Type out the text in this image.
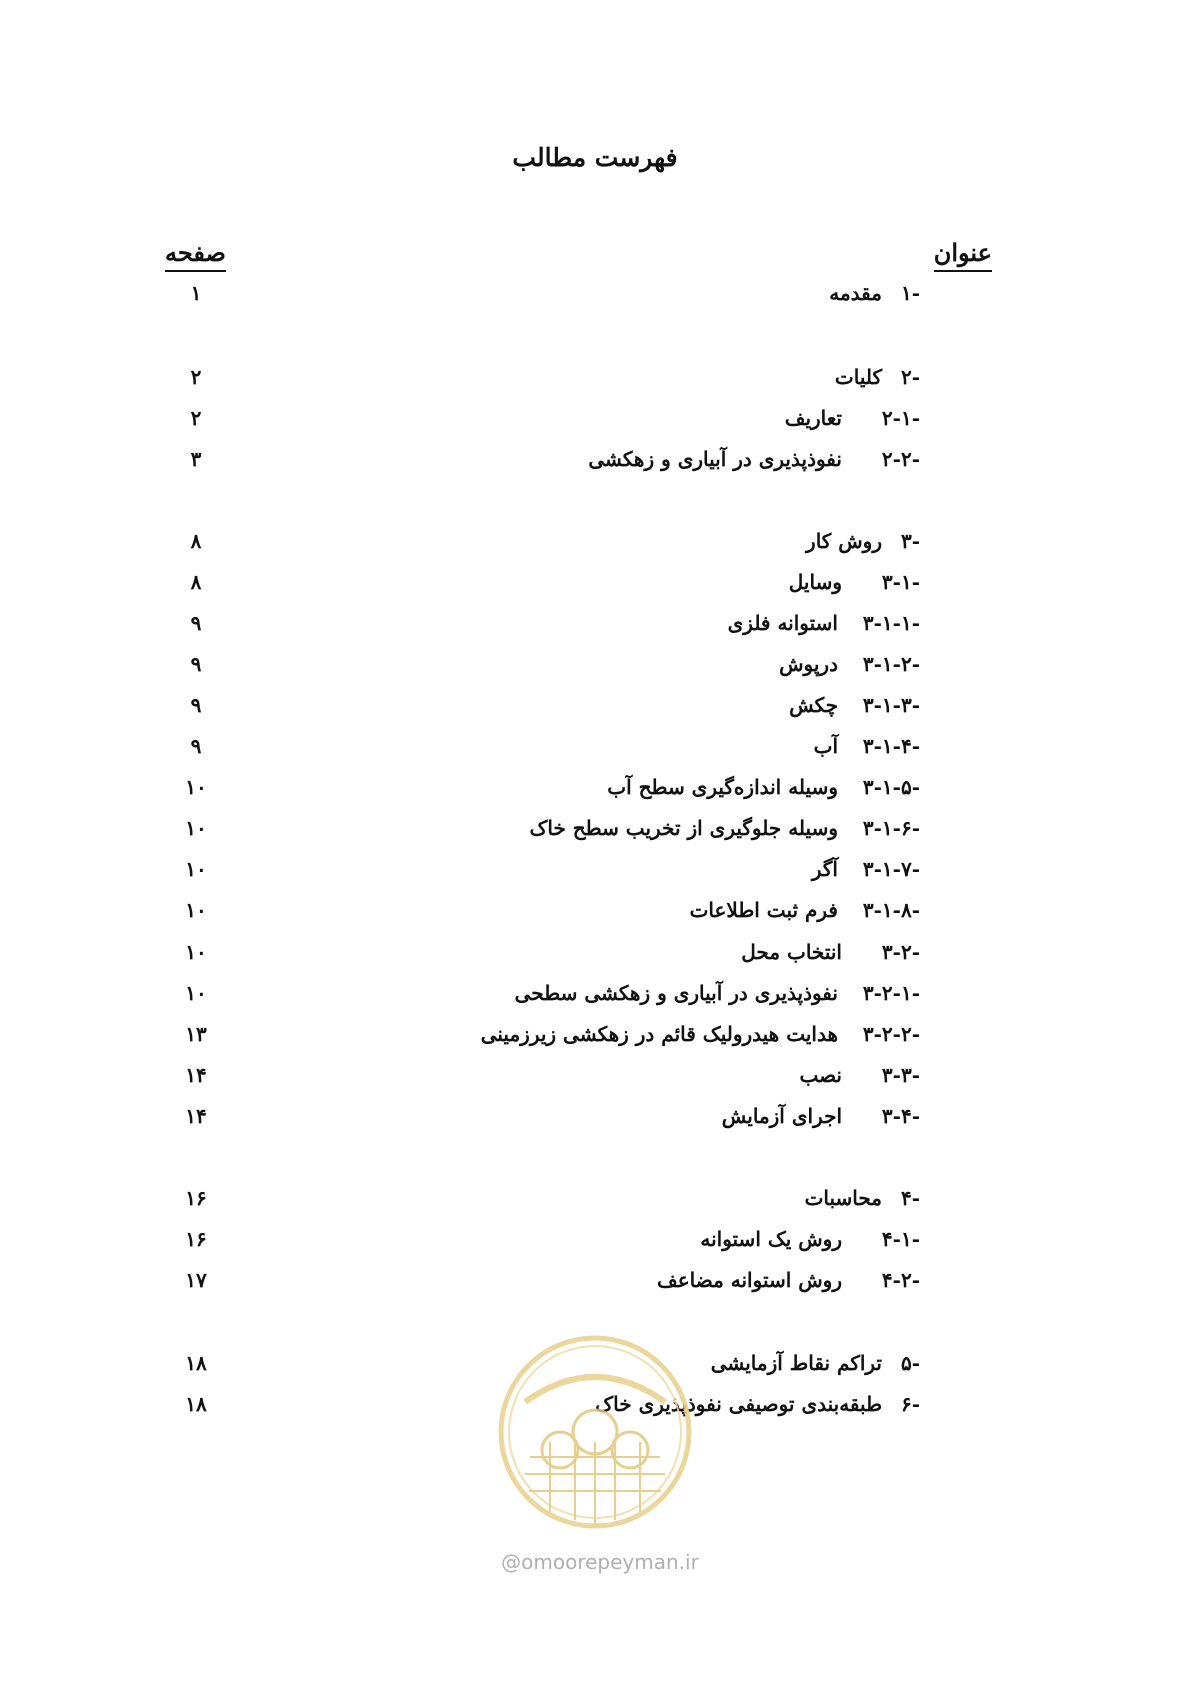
فهرست مطالب
عنوان
صفحه
۱-
مقدمه
۱
۲-
کلیات
۲
۲-۱-
تعاریف
۲
۲-۲-
نفوذپذیری در آبیاری و زهکشی
۳
۳-
روش کار
۸
۳-۱-
وسایل
۸
۳-۱-۱-
استوانه فلزی
۹
۳-۱-۲-
درپوش
۹
۳-۱-۳-
چکش
۹
۳-۱-۴-
آب
۹
۳-۱-۵-
وسیله اندازه‌گیری سطح آب
۱۰
۳-۱-۶-
وسیله جلوگیری از تخریب سطح خاک
۱۰
۳-۱-۷-
آگر
۱۰
۳-۱-۸-
فرم ثبت اطلاعات
۱۰
۳-۲-
انتخاب محل
۱۰
۳-۲-۱-
نفوذپذیری در آبیاری و زهکشی سطحی
۱۰
۳-۲-۲-
هدایت هیدرولیک قائم در زهکشی زیرزمینی
۱۳
۳-۳-
نصب
۱۴
۳-۴-
اجرای آزمایش
۱۴
۴-
محاسبات
۱۶
۴-۱-
روش یک استوانه
۱۶
۴-۲-
روش استوانه مضاعف
۱۷
۵-
تراکم نقاط آزمایشی
۱۸
۶-
طبقه‌بندی توصیفی نفوذپذیری خاک
۱۸
@omoorepeyman.ir
